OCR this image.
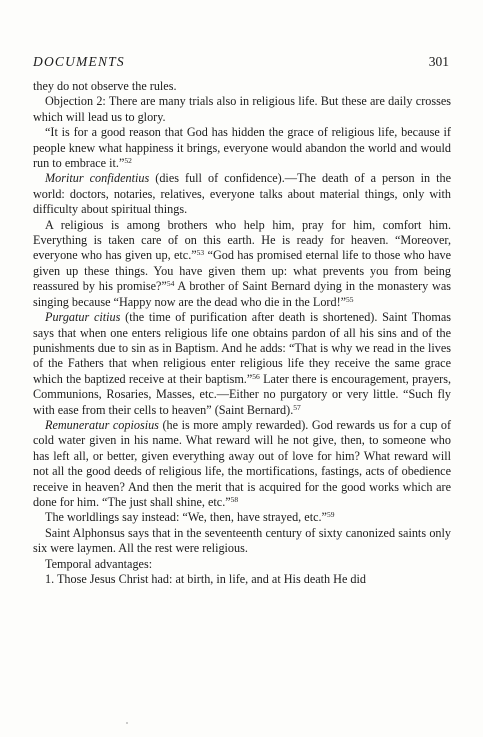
DOCUMENTS	301

they do not observe the rules.

Objection 2: There are many trials also in religious life. But these are daily crosses which will lead us to glory.

“It is for a good reason that God has hidden the grace of religious life, because if people knew what happiness it brings, everyone would abandon the world and would run to embrace it.”$^{52}$

Moritur confidentius (dies full of confidence).—The death of a person in the world: doctors, notaries, relatives, everyone talks about material things, only with difficulty about spiritual things.

A religious is among brothers who help him, pray for him, comfort him. Everything is taken care of on this earth. He is ready for heaven. “Moreover, everyone who has given up, etc.”$^{53}$ “God has promised eternal life to those who have given up these things. You have given them up: what prevents you from being reassured by his promise?”$^{54}$ A brother of Saint Bernard dying in the monastery was singing because “Happy now are the dead who die in the Lord!”$^{55}$

Purgatur citius (the time of purification after death is shortened). Saint Thomas says that when one enters religious life one obtains pardon of all his sins and of the punishments due to sin as in Baptism. And he adds: “That is why we read in the lives of the Fathers that when religious enter religious life they receive the same grace which the baptized receive at their baptism.”$^{56}$ Later there is encouragement, prayers, Communions, Rosaries, Masses, etc.—Either no purgatory or very little. “Such fly with ease from their cells to heaven” (Saint Bernard).$^{57}$

Remuneratur copiosius (he is more amply rewarded). God rewards us for a cup of cold water given in his name. What reward will he not give, then, to someone who has left all, or better, given everything away out of love for him? What reward will not all the good deeds of religious life, the mortifications, fastings, acts of obedience receive in heaven? And then the merit that is acquired for the good works which are done for him. “The just shall shine, etc.”$^{58}$

The worldlings say instead: “We, then, have strayed, etc.”$^{59}$

Saint Alphonsus says that in the seventeenth century of sixty canonized saints only six were laymen. All the rest were religious.

Temporal advantages:

1. Those Jesus Christ had: at birth, in life, and at His death He did
